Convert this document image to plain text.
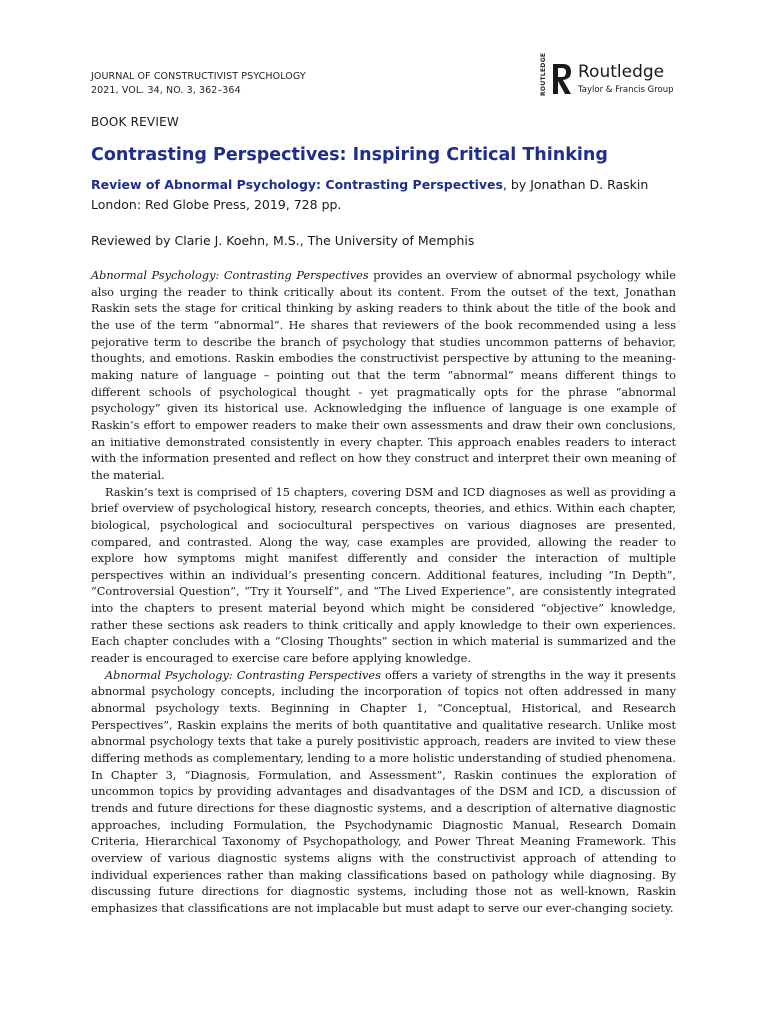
JOURNAL OF CONSTRUCTIVIST PSYCHOLOGY
2021, VOL. 34, NO. 3, 362–364	ROUTLEDGE Routledge
Taylor & Francis Group
BOOK REVIEW
Contrasting Perspectives: Inspiring Critical Thinking
Review of Abnormal Psychology: Contrasting Perspectives, by Jonathan D. Raskin
London: Red Globe Press, 2019, 728 pp.
Reviewed by Clarie J. Koehn, M.S., The University of Memphis

Abnormal Psychology: Contrasting Perspectives provides an overview of abnormal psychology while also urging the reader to think critically about its content. From the outset of the text, Jonathan Raskin sets the stage for critical thinking by asking readers to think about the title of the book and the use of the term “abnormal”. He shares that reviewers of the book recommended using a less pejorative term to describe the branch of psychology that studies uncommon patterns of behavior, thoughts, and emotions. Raskin embodies the constructivist perspective by attuning to the meaning-making nature of language – pointing out that the term “abnormal” means different things to different schools of psychological thought - yet pragmatically opts for the phrase “abnormal psychology” given its historical use. Acknowledging the influence of language is one example of Raskin’s effort to empower readers to make their own assessments and draw their own conclusions, an initiative demonstrated consistently in every chapter. This approach enables readers to interact with the information presented and reflect on how they construct and interpret their own meaning of the material.

Raskin’s text is comprised of 15 chapters, covering DSM and ICD diagnoses as well as providing a brief overview of psychological history, research concepts, theories, and ethics. Within each chapter, biological, psychological and sociocultural perspectives on various diagnoses are presented, compared, and contrasted. Along the way, case examples are provided, allowing the reader to explore how symptoms might manifest differently and consider the interaction of multiple perspectives within an individual’s presenting concern. Additional features, including “In Depth”, “Controversial Question”, “Try it Yourself”, and “The Lived Experience”, are consistently integrated into the chapters to present material beyond which might be considered “objective” knowledge, rather these sections ask readers to think critically and apply knowledge to their own experiences. Each chapter concludes with a “Closing Thoughts” section in which material is summarized and the reader is encouraged to exercise care before applying knowledge.

Abnormal Psychology: Contrasting Perspectives offers a variety of strengths in the way it presents abnormal psychology concepts, including the incorporation of topics not often addressed in many abnormal psychology texts. Beginning in Chapter 1, “Conceptual, Historical, and Research Perspectives”, Raskin explains the merits of both quantitative and qualitative research. Unlike most abnormal psychology texts that take a purely positivistic approach, readers are invited to view these differing methods as complementary, lending to a more holistic understanding of studied phenomena. In Chapter 3, “Diagnosis, Formulation, and Assessment”, Raskin continues the exploration of uncommon topics by providing advantages and disadvantages of the DSM and ICD, a discussion of trends and future directions for these diagnostic systems, and a description of alternative diagnostic approaches, including Formulation, the Psychodynamic Diagnostic Manual, Research Domain Criteria, Hierarchical Taxonomy of Psychopathology, and Power Threat Meaning Framework. This overview of various diagnostic systems aligns with the constructivist approach of attending to individual experiences rather than making classifications based on pathology while diagnosing. By discussing future directions for diagnostic systems, including those not as well-known, Raskin emphasizes that classifications are not implacable but must adapt to serve our ever-changing society.
